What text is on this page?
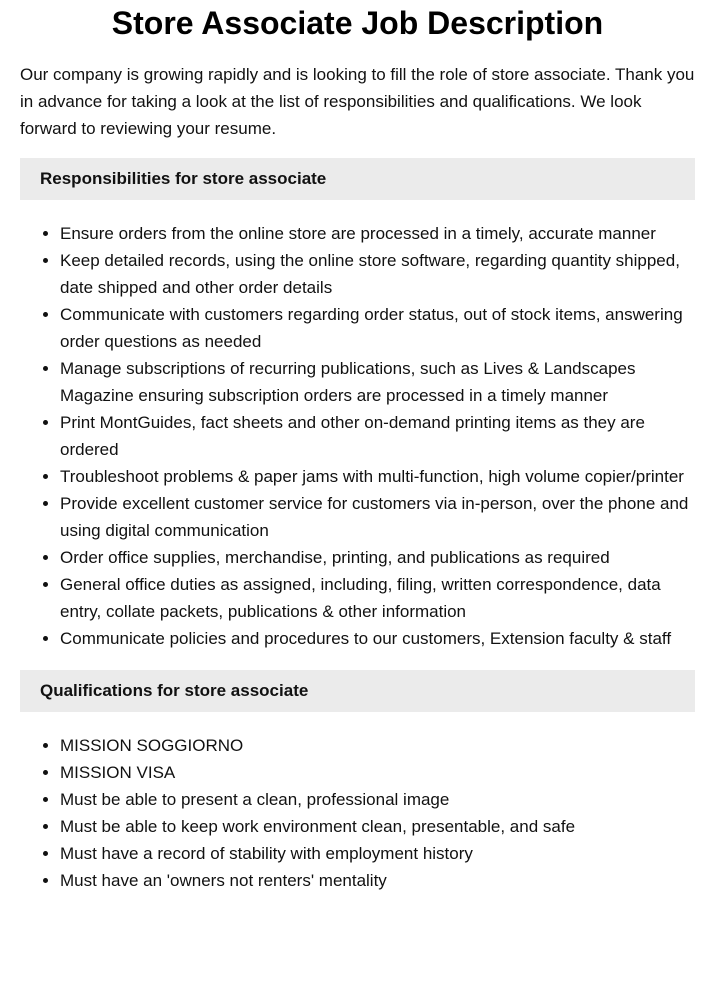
Store Associate Job Description

Our company is growing rapidly and is looking to fill the role of store associate. Thank you in advance for taking a look at the list of responsibilities and qualifications. We look forward to reviewing your resume.

Responsibilities for store associate
• Ensure orders from the online store are processed in a timely, accurate manner
• Keep detailed records, using the online store software, regarding quantity shipped, date shipped and other order details
• Communicate with customers regarding order status, out of stock items, answering order questions as needed
• Manage subscriptions of recurring publications, such as Lives & Landscapes Magazine ensuring subscription orders are processed in a timely manner
• Print MontGuides, fact sheets and other on-demand printing items as they are ordered
• Troubleshoot problems & paper jams with multi-function, high volume copier/printer
• Provide excellent customer service for customers via in-person, over the phone and using digital communication
• Order office supplies, merchandise, printing, and publications as required
• General office duties as assigned, including, filing, written correspondence, data entry, collate packets, publications & other information
• Communicate policies and procedures to our customers, Extension faculty & staff
Qualifications for store associate
• MISSION SOGGIORNO
• MISSION VISA
• Must be able to present a clean, professional image
• Must be able to keep work environment clean, presentable, and safe
• Must have a record of stability with employment history
• Must have an 'owners not renters' mentality
